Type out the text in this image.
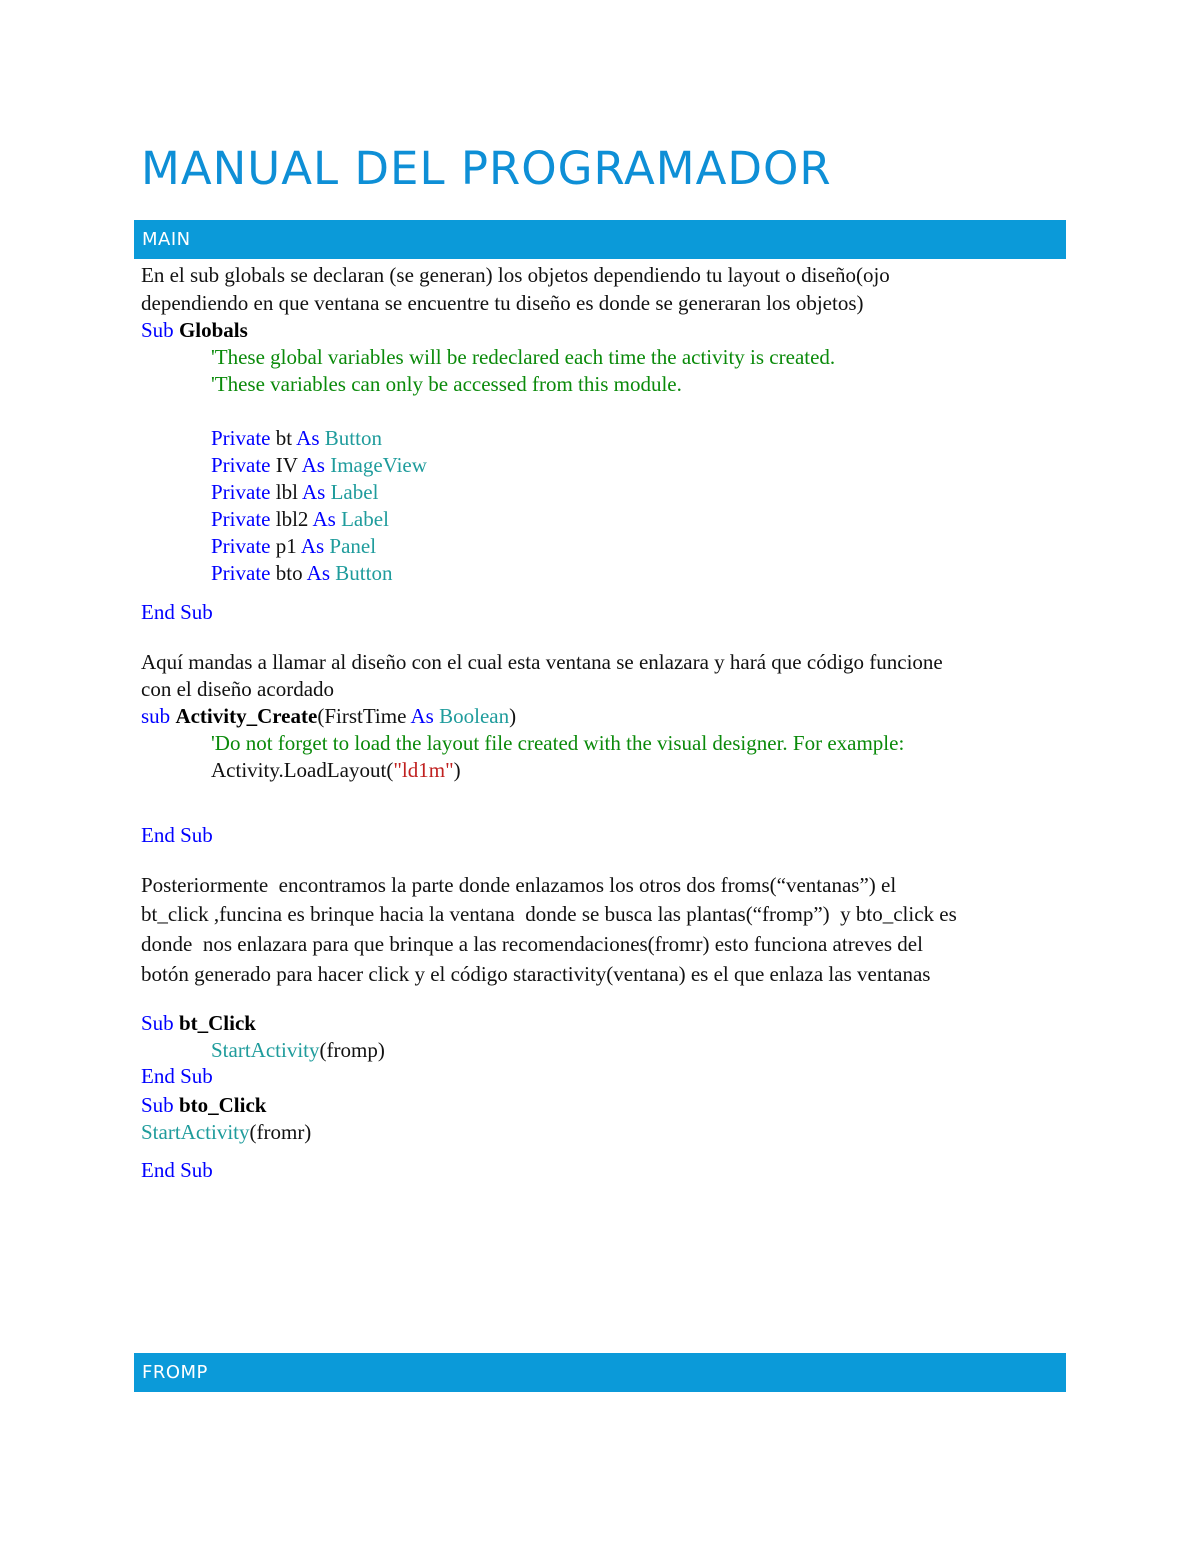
MANUAL DEL PROGRAMADOR
MAIN
En el sub globals se declaran (se generan) los objetos dependiendo tu layout o diseño(ojo
dependiendo en que ventana se encuentre tu diseño es donde se generaran los objetos)
Sub Globals
'These global variables will be redeclared each time the activity is created.
'These variables can only be accessed from this module.
Private bt As Button
Private IV As ImageView
Private lbl As Label
Private lbl2 As Label
Private p1 As Panel
Private bto As Button
End Sub
Aquí mandas a llamar al diseño con el cual esta ventana se enlazara y hará que código funcione
con el diseño acordado
sub Activity_Create(FirstTime As Boolean)
'Do not forget to load the layout file created with the visual designer. For example:
Activity.LoadLayout("ld1m")
End Sub
Posteriormente  encontramos la parte donde enlazamos los otros dos froms(“ventanas”) el
bt_click ,funcina es brinque hacia la ventana  donde se busca las plantas(“fromp”)  y bto_click es
donde  nos enlazara para que brinque a las recomendaciones(fromr) esto funciona atreves del
botón generado para hacer click y el código staractivity(ventana) es el que enlaza las ventanas
Sub bt_Click
StartActivity(fromp)
End Sub
Sub bto_Click
StartActivity(fromr)
End Sub
FROMP
